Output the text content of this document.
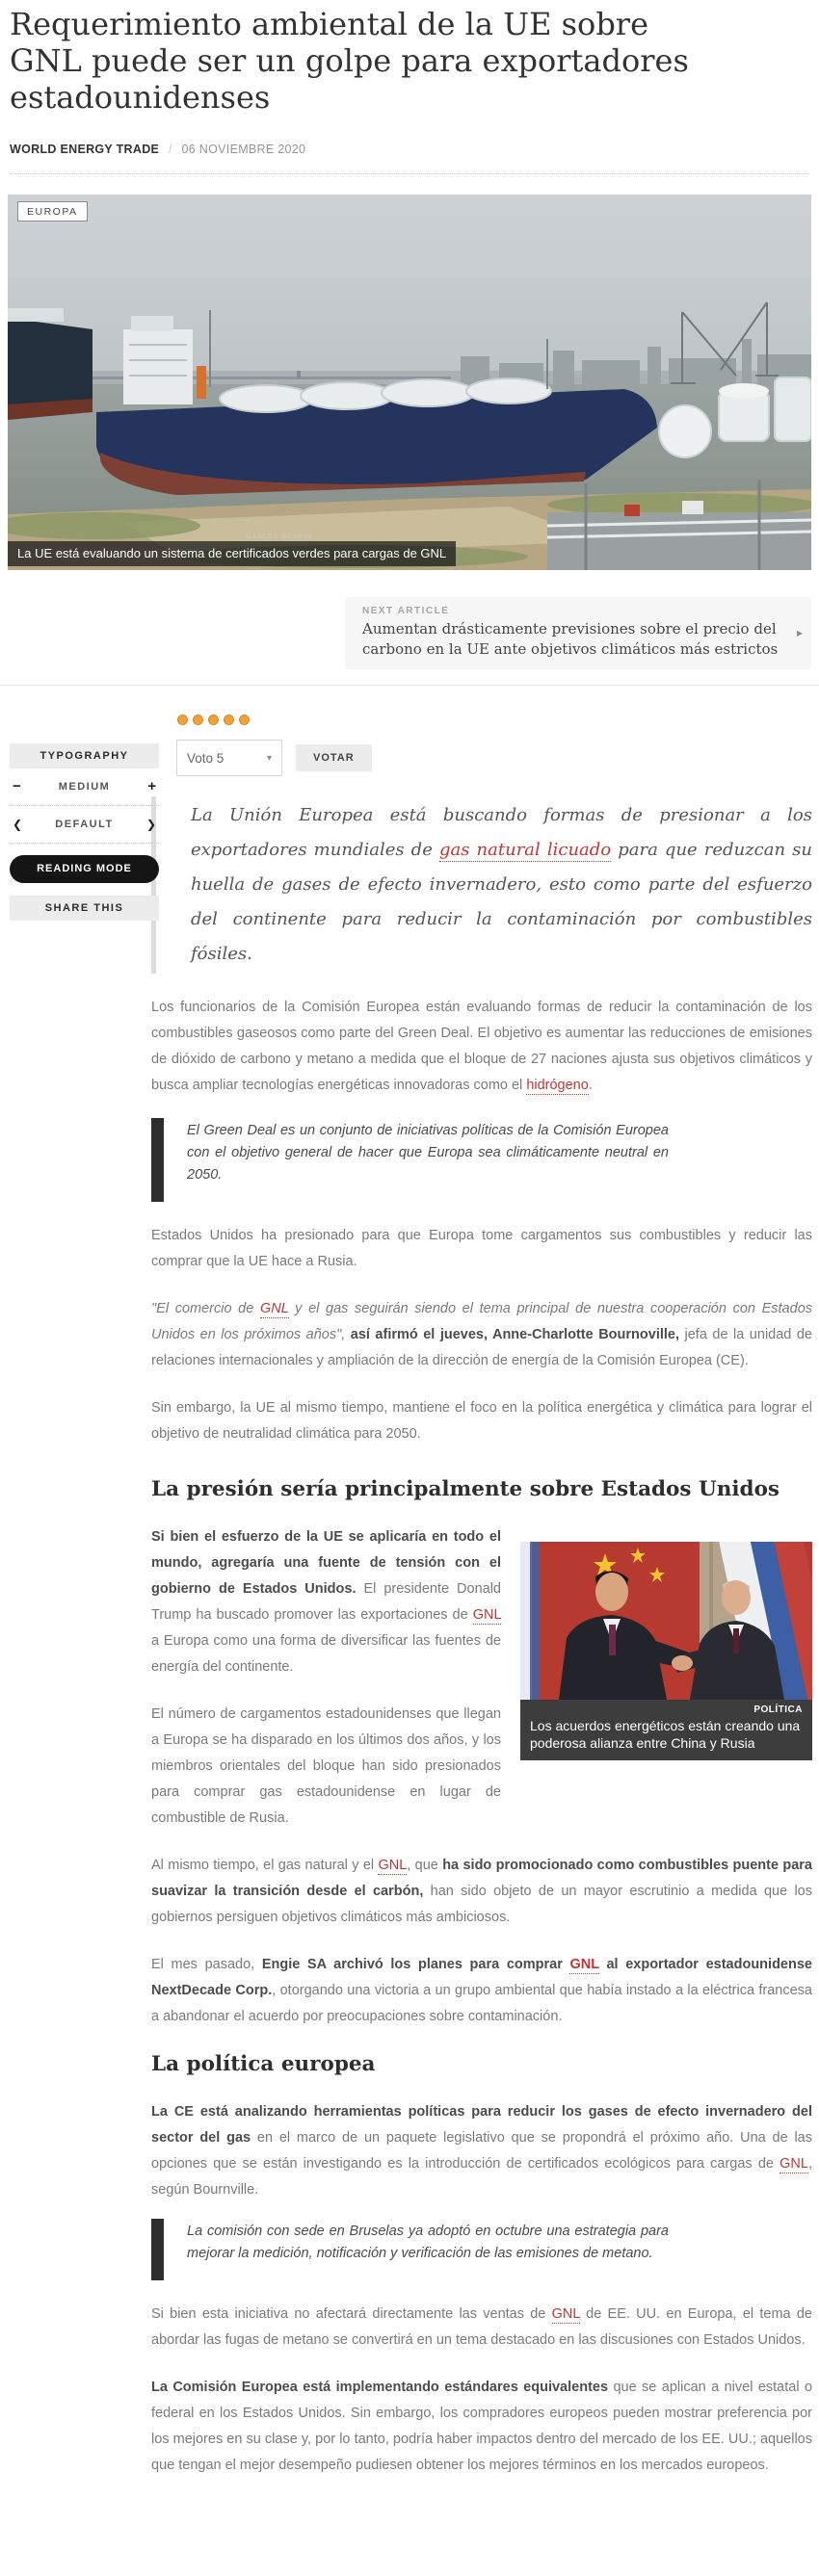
Requerimiento ambiental de la UE sobre GNL puede ser un golpe para exportadores estadounidenses
WORLD ENERGY TRADE / 06 NOVIEMBRE 2020
EUROPA
GASLOG GENEVA
La UE está evaluando un sistema de certificados verdes para cargas de GNL
NEXT ARTICLE
Aumentan drásticamente previsiones sobre el precio del carbono en la UE ante objetivos climáticos más estrictos
▸
TYPOGRAPHY
−	MEDIUM	+
❮	DEFAULT	❯
READING MODE
SHARE THIS
Voto 5	▾	VOTAR
La Unión Europea está buscando formas de presionar a los exportadores mundiales de gas natural licuado para que reduzcan su huella de gases de efecto invernadero, esto como parte del esfuerzo del continente para reducir la contaminación por combustibles fósiles.

Los funcionarios de la Comisión Europea están evaluando formas de reducir la contaminación de los combustibles gaseosos como parte del Green Deal. El objetivo es aumentar las reducciones de emisiones de dióxido de carbono y metano a medida que el bloque de 27 naciones ajusta sus objetivos climáticos y busca ampliar tecnologías energéticas innovadoras como el hidrógeno.

El Green Deal es un conjunto de iniciativas políticas de la Comisión Europea con el objetivo general de hacer que Europa sea climáticamente neutral en 2050.

Estados Unidos ha presionado para que Europa tome cargamentos sus combustibles y reducir las comprar que la UE hace a Rusia.

"El comercio de GNL y el gas seguirán siendo el tema principal de nuestra cooperación con Estados Unidos en los próximos años", así afirmó el jueves, Anne-Charlotte Bournoville, jefa de la unidad de relaciones internacionales y ampliación de la dirección de energía de la Comisión Europea (CE).

Sin embargo, la UE al mismo tiempo, mantiene el foco en la política energética y climática para lograr el objetivo de neutralidad climática para 2050.

La presión sería principalmente sobre Estados Unidos
POLÍTICA
Los acuerdos energéticos están creando una poderosa alianza entre China y Rusia

Si bien el esfuerzo de la UE se aplicaría en todo el mundo, agregaría una fuente de tensión con el gobierno de Estados Unidos. El presidente Donald Trump ha buscado promover las exportaciones de GNL a Europa como una forma de diversificar las fuentes de energía del continente.

El número de cargamentos estadounidenses que llegan a Europa se ha disparado en los últimos dos años, y los miembros orientales del bloque han sido presionados para comprar gas estadounidense en lugar de combustible de Rusia.

Al mismo tiempo, el gas natural y el GNL, que ha sido promocionado como combustibles puente para suavizar la transición desde el carbón, han sido objeto de un mayor escrutinio a medida que los gobiernos persiguen objetivos climáticos más ambiciosos.

El mes pasado, Engie SA archivó los planes para comprar GNL al exportador estadounidense NextDecade Corp., otorgando una victoria a un grupo ambiental que había instado a la eléctrica francesa a abandonar el acuerdo por preocupaciones sobre contaminación.

La política europea

La CE está analizando herramientas políticas para reducir los gases de efecto invernadero del sector del gas en el marco de un paquete legislativo que se propondrá el próximo año. Una de las opciones que se están investigando es la introducción de certificados ecológicos para cargas de GNL, según Bournville.

La comisión con sede en Bruselas ya adoptó en octubre una estrategia para mejorar la medición, notificación y verificación de las emisiones de metano.

Si bien esta iniciativa no afectará directamente las ventas de GNL de EE. UU. en Europa, el tema de abordar las fugas de metano se convertirá en un tema destacado en las discusiones con Estados Unidos.

La Comisión Europea está implementando estándares equivalentes que se aplican a nivel estatal o federal en los Estados Unidos. Sin embargo, los compradores europeos pueden mostrar preferencia por los mejores en su clase y, por lo tanto, podría haber impactos dentro del mercado de los EE. UU.; aquellos que tengan el mejor desempeño pudiesen obtener los mejores términos en los mercados europeos.
